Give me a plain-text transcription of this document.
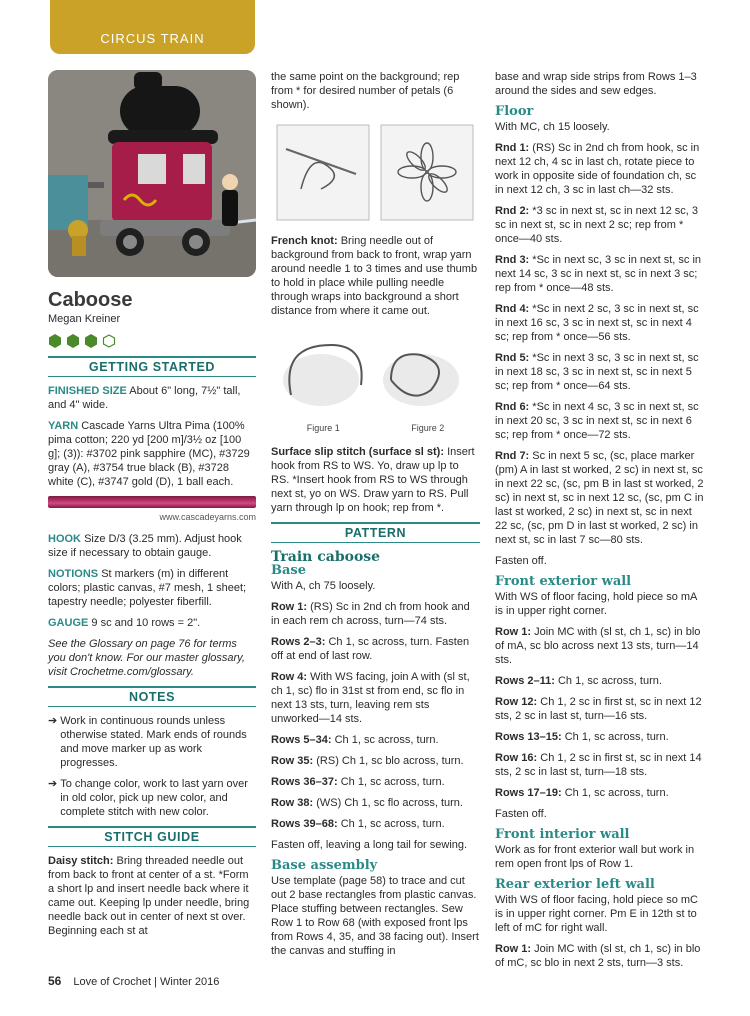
CIRCUS TRAIN
Caboose
Megan Kreiner
GETTING STARTED

FINISHED SIZE About 6" long, 7½" tall, and 4" wide.

YARN Cascade Yarns Ultra Pima (100% pima cotton; 220 yd [200 m]/3½ oz [100 g]; (3)): #3702 pink sapphire (MC), #3729 gray (A), #3754 true black (B), #3728 white (C), #3747 gold (D), 1 ball each.

www.cascadeyarns.com

HOOK Size D/3 (3.25 mm). Adjust hook size if necessary to obtain gauge.

NOTIONS St markers (m) in different colors; plastic canvas, #7 mesh, 1 sheet; tapestry needle; polyester fiberfill.

GAUGE 9 sc and 10 rows = 2".

See the Glossary on page 76 for terms you don't know. For our master glossary, visit Crochetme.com/glossary.

NOTES

➔ Work in continuous rounds unless otherwise stated. Mark ends of rounds and move marker up as work progresses.

➔ To change color, work to last yarn over in old color, pick up new color, and complete stitch with new color.

STITCH GUIDE

Daisy stitch: Bring threaded needle out from back to front at center of a st. *Form a short lp and insert needle back where it came out. Keeping lp under needle, bring needle back out in center of next st over. Beginning each st at

the same point on the background; rep from * for desired number of petals (6 shown).

French knot: Bring needle out of background from back to front, wrap yarn around needle 1 to 3 times and use thumb to hold in place while pulling needle through wraps into background a short distance from where it came out.

Figure 1	Figure 2

Surface slip stitch (surface sl st): Insert hook from RS to WS. Yo, draw up lp to RS. *Insert hook from RS to WS through next st, yo on WS. Draw yarn to RS. Pull yarn through lp on hook; rep from *.

PATTERN
Train caboose
Base

With A, ch 75 loosely.

Row 1: (RS) Sc in 2nd ch from hook and in each rem ch across, turn—74 sts.

Rows 2–3: Ch 1, sc across, turn. Fasten off at end of last row.

Row 4: With WS facing, join A with (sl st, ch 1, sc) flo in 31st st from end, sc flo in next 13 sts, turn, leaving rem sts unworked—14 sts.

Rows 5–34: Ch 1, sc across, turn.

Row 35: (RS) Ch 1, sc blo across, turn.

Rows 36–37: Ch 1, sc across, turn.

Row 38: (WS) Ch 1, sc flo across, turn.

Rows 39–68: Ch 1, sc across, turn.

Fasten off, leaving a long tail for sewing.

Base assembly

Use template (page 58) to trace and cut out 2 base rectangles from plastic canvas. Place stuffing between rectangles. Sew Row 1 to Row 68 (with exposed front lps from Rows 4, 35, and 38 facing out). Insert the canvas and stuffing in

base and wrap side strips from Rows 1–3 around the sides and sew edges.

Floor

With MC, ch 15 loosely.

Rnd 1: (RS) Sc in 2nd ch from hook, sc in next 12 ch, 4 sc in last ch, rotate piece to work in opposite side of foundation ch, sc in next 12 ch, 3 sc in last ch—32 sts.

Rnd 2: *3 sc in next st, sc in next 12 sc, 3 sc in next st, sc in next 2 sc; rep from * once—40 sts.

Rnd 3: *Sc in next sc, 3 sc in next st, sc in next 14 sc, 3 sc in next st, sc in next 3 sc; rep from * once—48 sts.

Rnd 4: *Sc in next 2 sc, 3 sc in next st, sc in next 16 sc, 3 sc in next st, sc in next 4 sc; rep from * once—56 sts.

Rnd 5: *Sc in next 3 sc, 3 sc in next st, sc in next 18 sc, 3 sc in next st, sc in next 5 sc; rep from * once—64 sts.

Rnd 6: *Sc in next 4 sc, 3 sc in next st, sc in next 20 sc, 3 sc in next st, sc in next 6 sc; rep from * once—72 sts.

Rnd 7: Sc in next 5 sc, (sc, place marker (pm) A in last st worked, 2 sc) in next st, sc in next 22 sc, (sc, pm B in last st worked, 2 sc) in next st, sc in next 12 sc, (sc, pm C in last st worked, 2 sc) in next st, sc in next 22 sc, (sc, pm D in last st worked, 2 sc) in next st, sc in last 7 sc—80 sts.

Fasten off.

Front exterior wall

With WS of floor facing, hold piece so mA is in upper right corner.

Row 1: Join MC with (sl st, ch 1, sc) in blo of mA, sc blo across next 13 sts, turn—14 sts.

Rows 2–11: Ch 1, sc across, turn.

Row 12: Ch 1, 2 sc in first st, sc in next 12 sts, 2 sc in last st, turn—16 sts.

Rows 13–15: Ch 1, sc across, turn.

Row 16: Ch 1, 2 sc in first st, sc in next 14 sts, 2 sc in last st, turn—18 sts.

Rows 17–19: Ch 1, sc across, turn.

Fasten off.

Front interior wall

Work as for front exterior wall but work in rem open front lps of Row 1.

Rear exterior left wall

With WS of floor facing, hold piece so mC is in upper right corner. Pm E in 12th st to left of mC for right wall.

Row 1: Join MC with (sl st, ch 1, sc) in blo of mC, sc blo in next 2 sts, turn—3 sts.

56 Love of Crochet | Winter 2016
